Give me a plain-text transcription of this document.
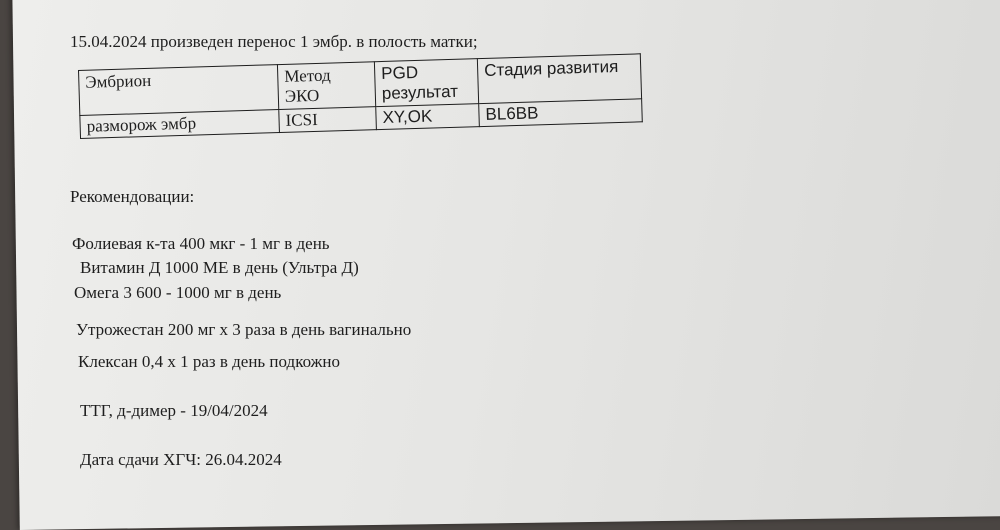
15.04.2024 произведен перенос 1 эмбр. в полость матки;
Эмбрион	Метод ЭКО	PGD результат	Стадия развития
разморож эмбр	ICSI	XY,OK	BL6BB
Рекомендовации:
Фолиевая к-та 400 мкг - 1 мг в день
Витамин Д 1000 МЕ в день (Ультра Д)
Омега 3 600 - 1000 мг в день
Утрожестан 200 мг х 3 раза в день вагинально
Клексан 0,4 х 1 раз в день подкожно
ТТГ, д-димер - 19/04/2024
Дата сдачи ХГЧ: 26.04.2024
